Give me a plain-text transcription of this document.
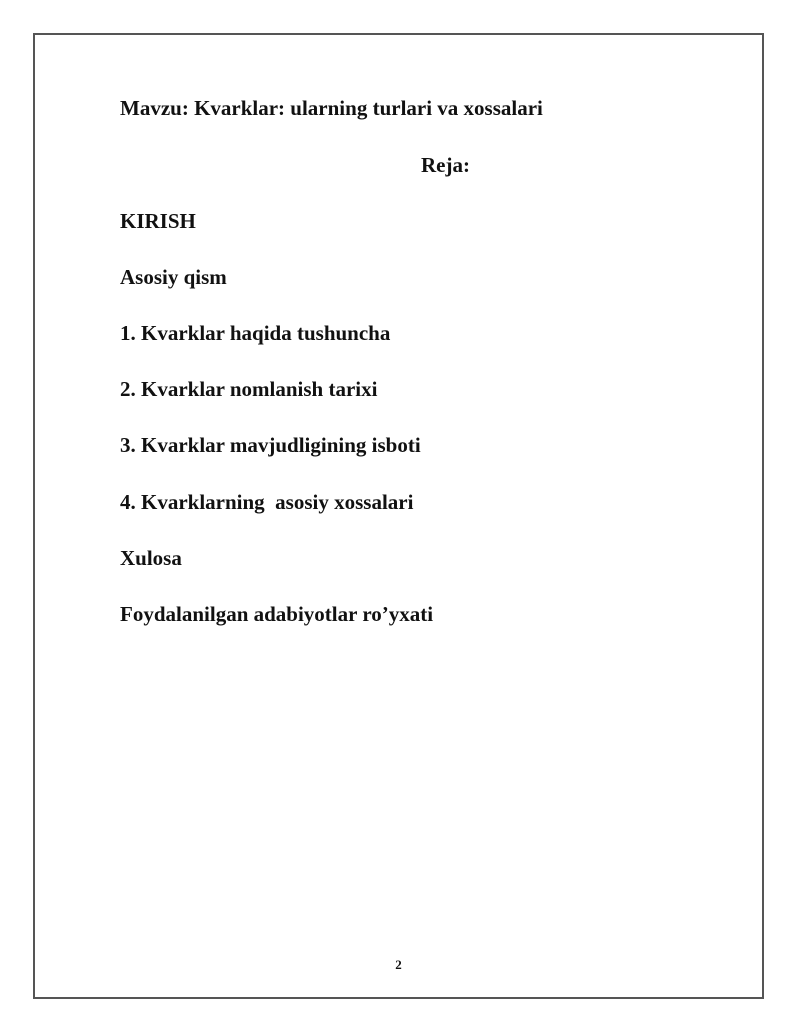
Mavzu: Kvarklar: ularning turlari va xossalari
Reja:

KIRISH

Asosiy qism

1. Kvarklar haqida tushuncha

2. Kvarklar nomlanish tarixi

3. Kvarklar mavjudligining isboti

4. Kvarklarning  asosiy xossalari

Xulosa

Foydalanilgan adabiyotlar ro’yxati

2
